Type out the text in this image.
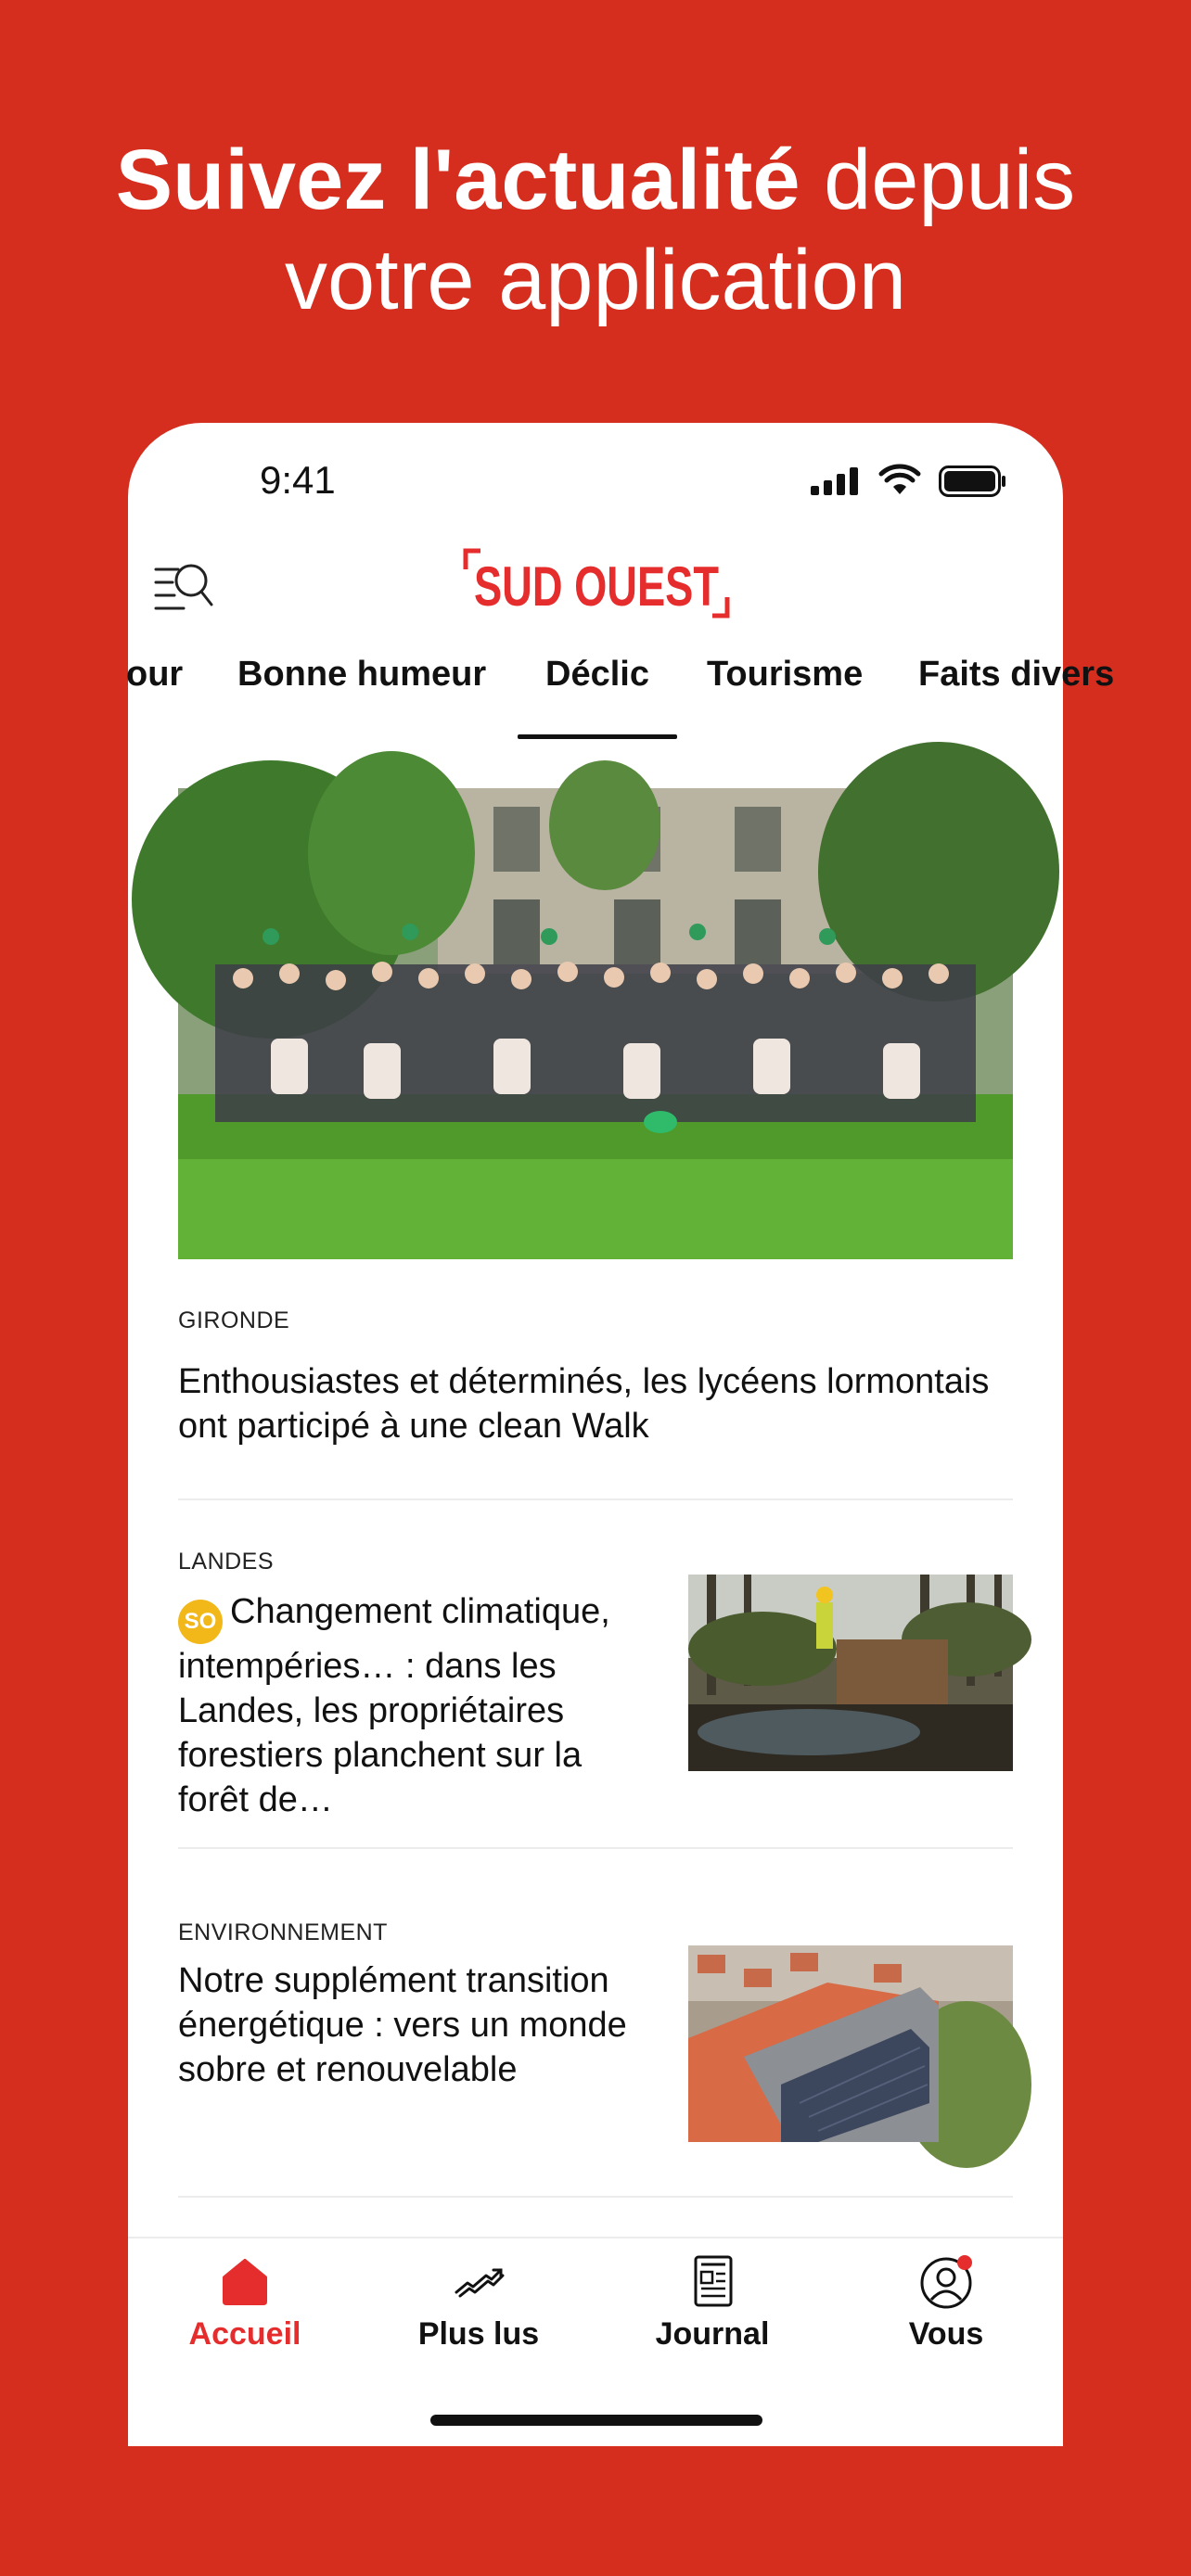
Suivez l'actualité depuis
votre application
9:41
SUD OUEST
our Bonne humeur Déclic Tourisme Faits divers
GIRONDE
Enthousiastes et déterminés, les lycéens lormontais ont participé à une clean Walk
LANDES
SO Changement climatique, intempéries… : dans les Landes, les propriétaires forestiers planchent sur la forêt de…
ENVIRONNEMENT
Notre supplément transition énergétique : vers un monde sobre et renouvelable
Accueil	Plus lus	Journal	Vous
